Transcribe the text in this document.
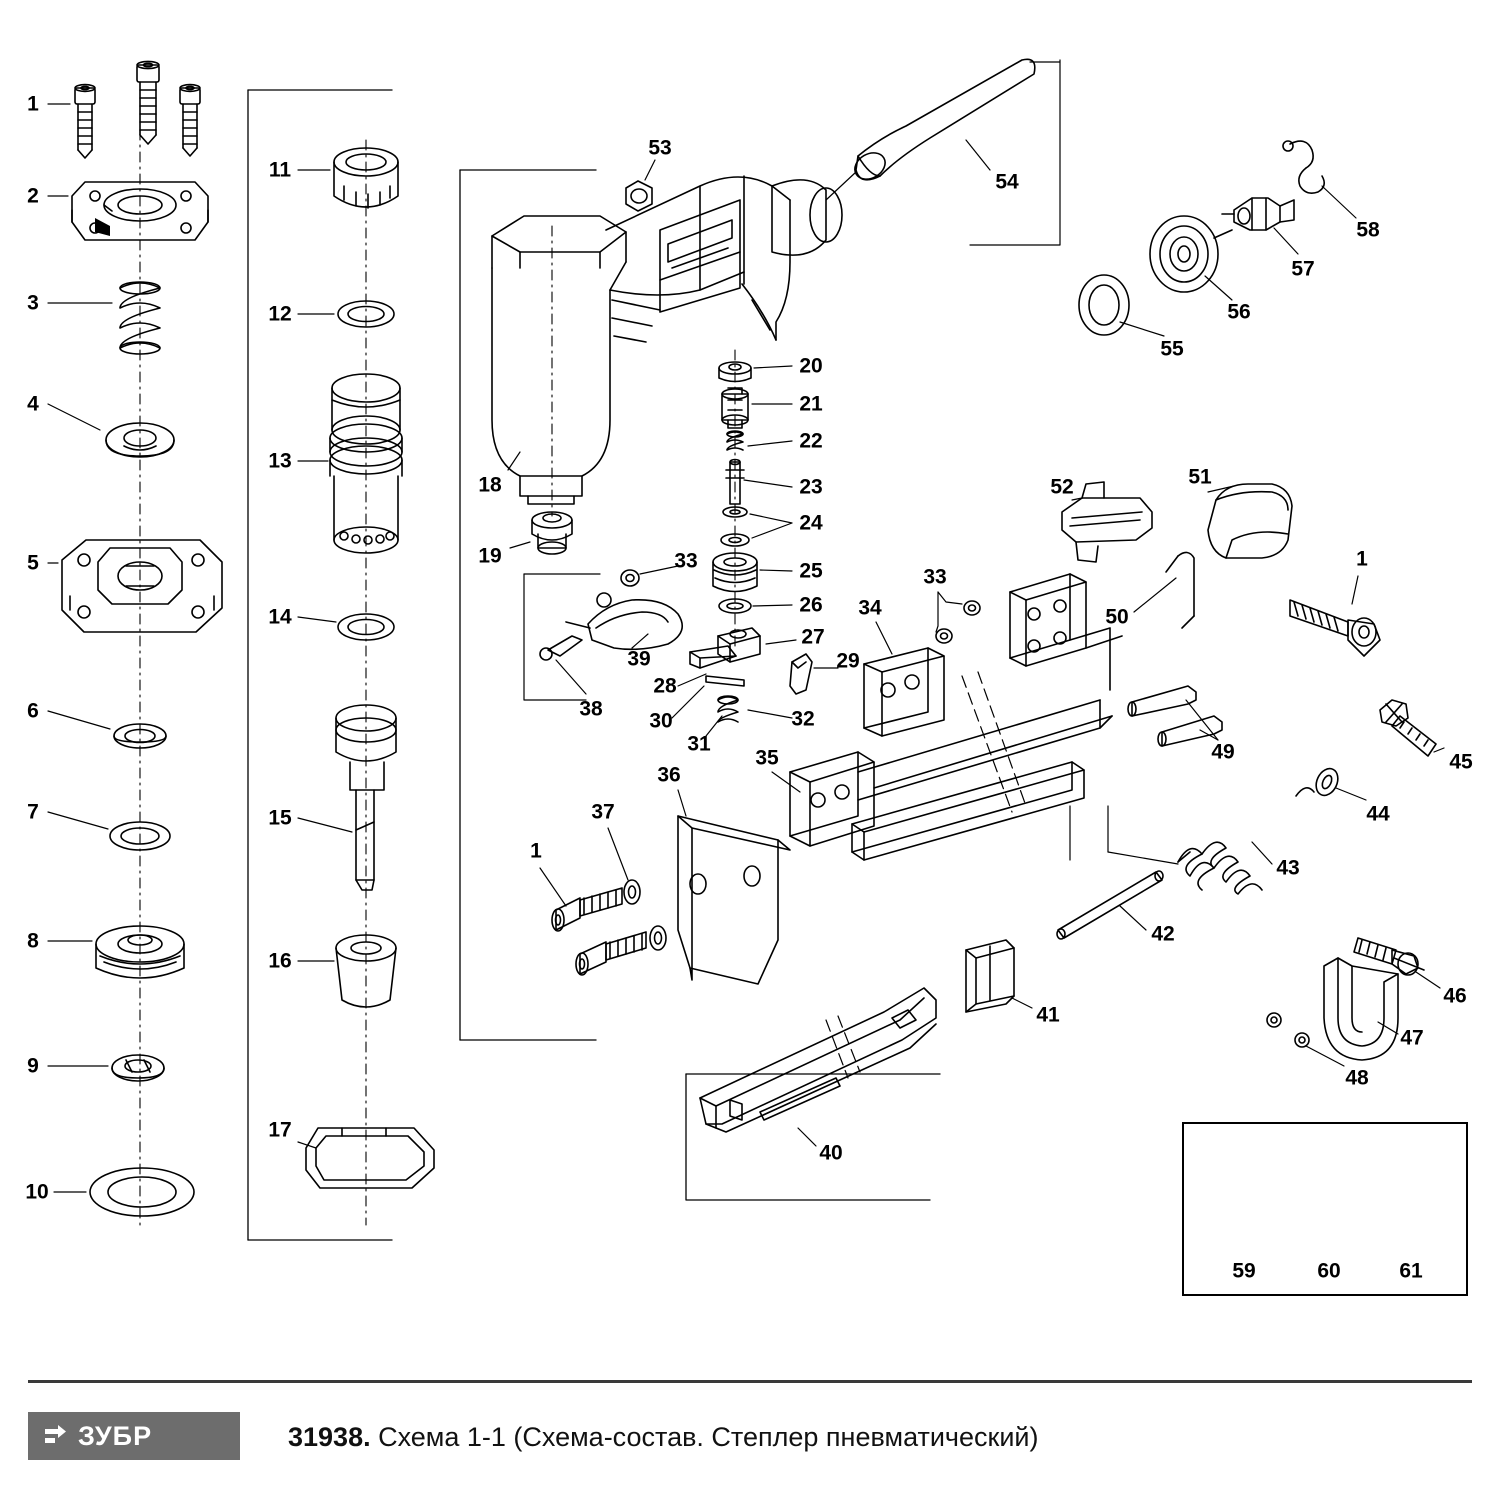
1
2
3
4
5
6
7
8
9
10
11
12
13
14
15
16
17
18
19
20
21
22
23
24
25
26
27
28
29
30
31
32
33
33
34
35
36
37
38
39
40
41
42
43
44
45
46
47
48
49
50
51
52
53
54
55
56
57
58
1
1
59	60	61
ЗУБР	31938. Схема 1-1 (Схема-состав. Степлер пневматический)
